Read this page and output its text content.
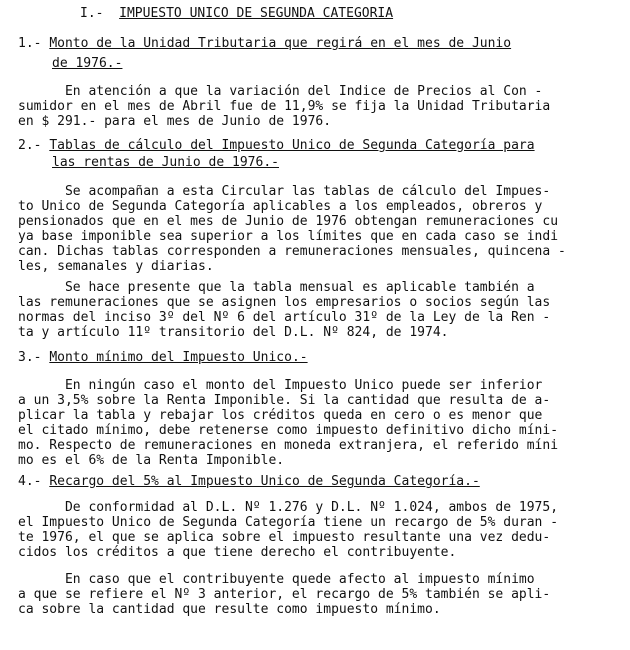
I.- IMPUESTO UNICO DE SEGUNDA CATEGORIA
1.- Monto de la Unidad Tributaria que regirá en el mes de Junio
de 1976.-
En atención a que la variación del Indice de Precios al Con -
sumidor en el mes de Abril fue de 11,9% se fija la Unidad Tributaria
en $ 291.- para el mes de Junio de 1976.
2.- Tablas de cálculo del Impuesto Unico de Segunda Categoría para
las rentas de Junio de 1976.-
Se acompañan a esta Circular las tablas de cálculo del Impues-
to Unico de Segunda Categoría aplicables a los empleados, obreros y
pensionados que en el mes de Junio de 1976 obtengan remuneraciones cu
ya base imponible sea superior a los límites que en cada caso se indi
can. Dichas tablas corresponden a remuneraciones mensuales, quincena -
les, semanales y diarias.
Se hace presente que la tabla mensual es aplicable también a
las remuneraciones que se asignen los empresarios o socios según las
normas del inciso 3º del Nº 6 del artículo 31º de la Ley de la Ren -
ta y artículo 11º transitorio del D.L. Nº 824, de 1974.
3.- Monto mínimo del Impuesto Unico.-
En ningún caso el monto del Impuesto Unico puede ser inferior
a un 3,5% sobre la Renta Imponible. Si la cantidad que resulta de a-
plicar la tabla y rebajar los créditos queda en cero o es menor que
el citado mínimo, debe retenerse como impuesto definitivo dicho míni-
mo. Respecto de remuneraciones en moneda extranjera, el referido míni
mo es el 6% de la Renta Imponible.
4.- Recargo del 5% al Impuesto Unico de Segunda Categoría.-
De conformidad al D.L. Nº 1.276 y D.L. Nº 1.024, ambos de 1975,
el Impuesto Unico de Segunda Categoría tiene un recargo de 5% duran -
te 1976, el que se aplica sobre el impuesto resultante una vez dedu-
cidos los créditos a que tiene derecho el contribuyente.
En caso que el contribuyente quede afecto al impuesto mínimo
a que se refiere el Nº 3 anterior, el recargo de 5% también se apli-
ca sobre la cantidad que resulte como impuesto mínimo.
